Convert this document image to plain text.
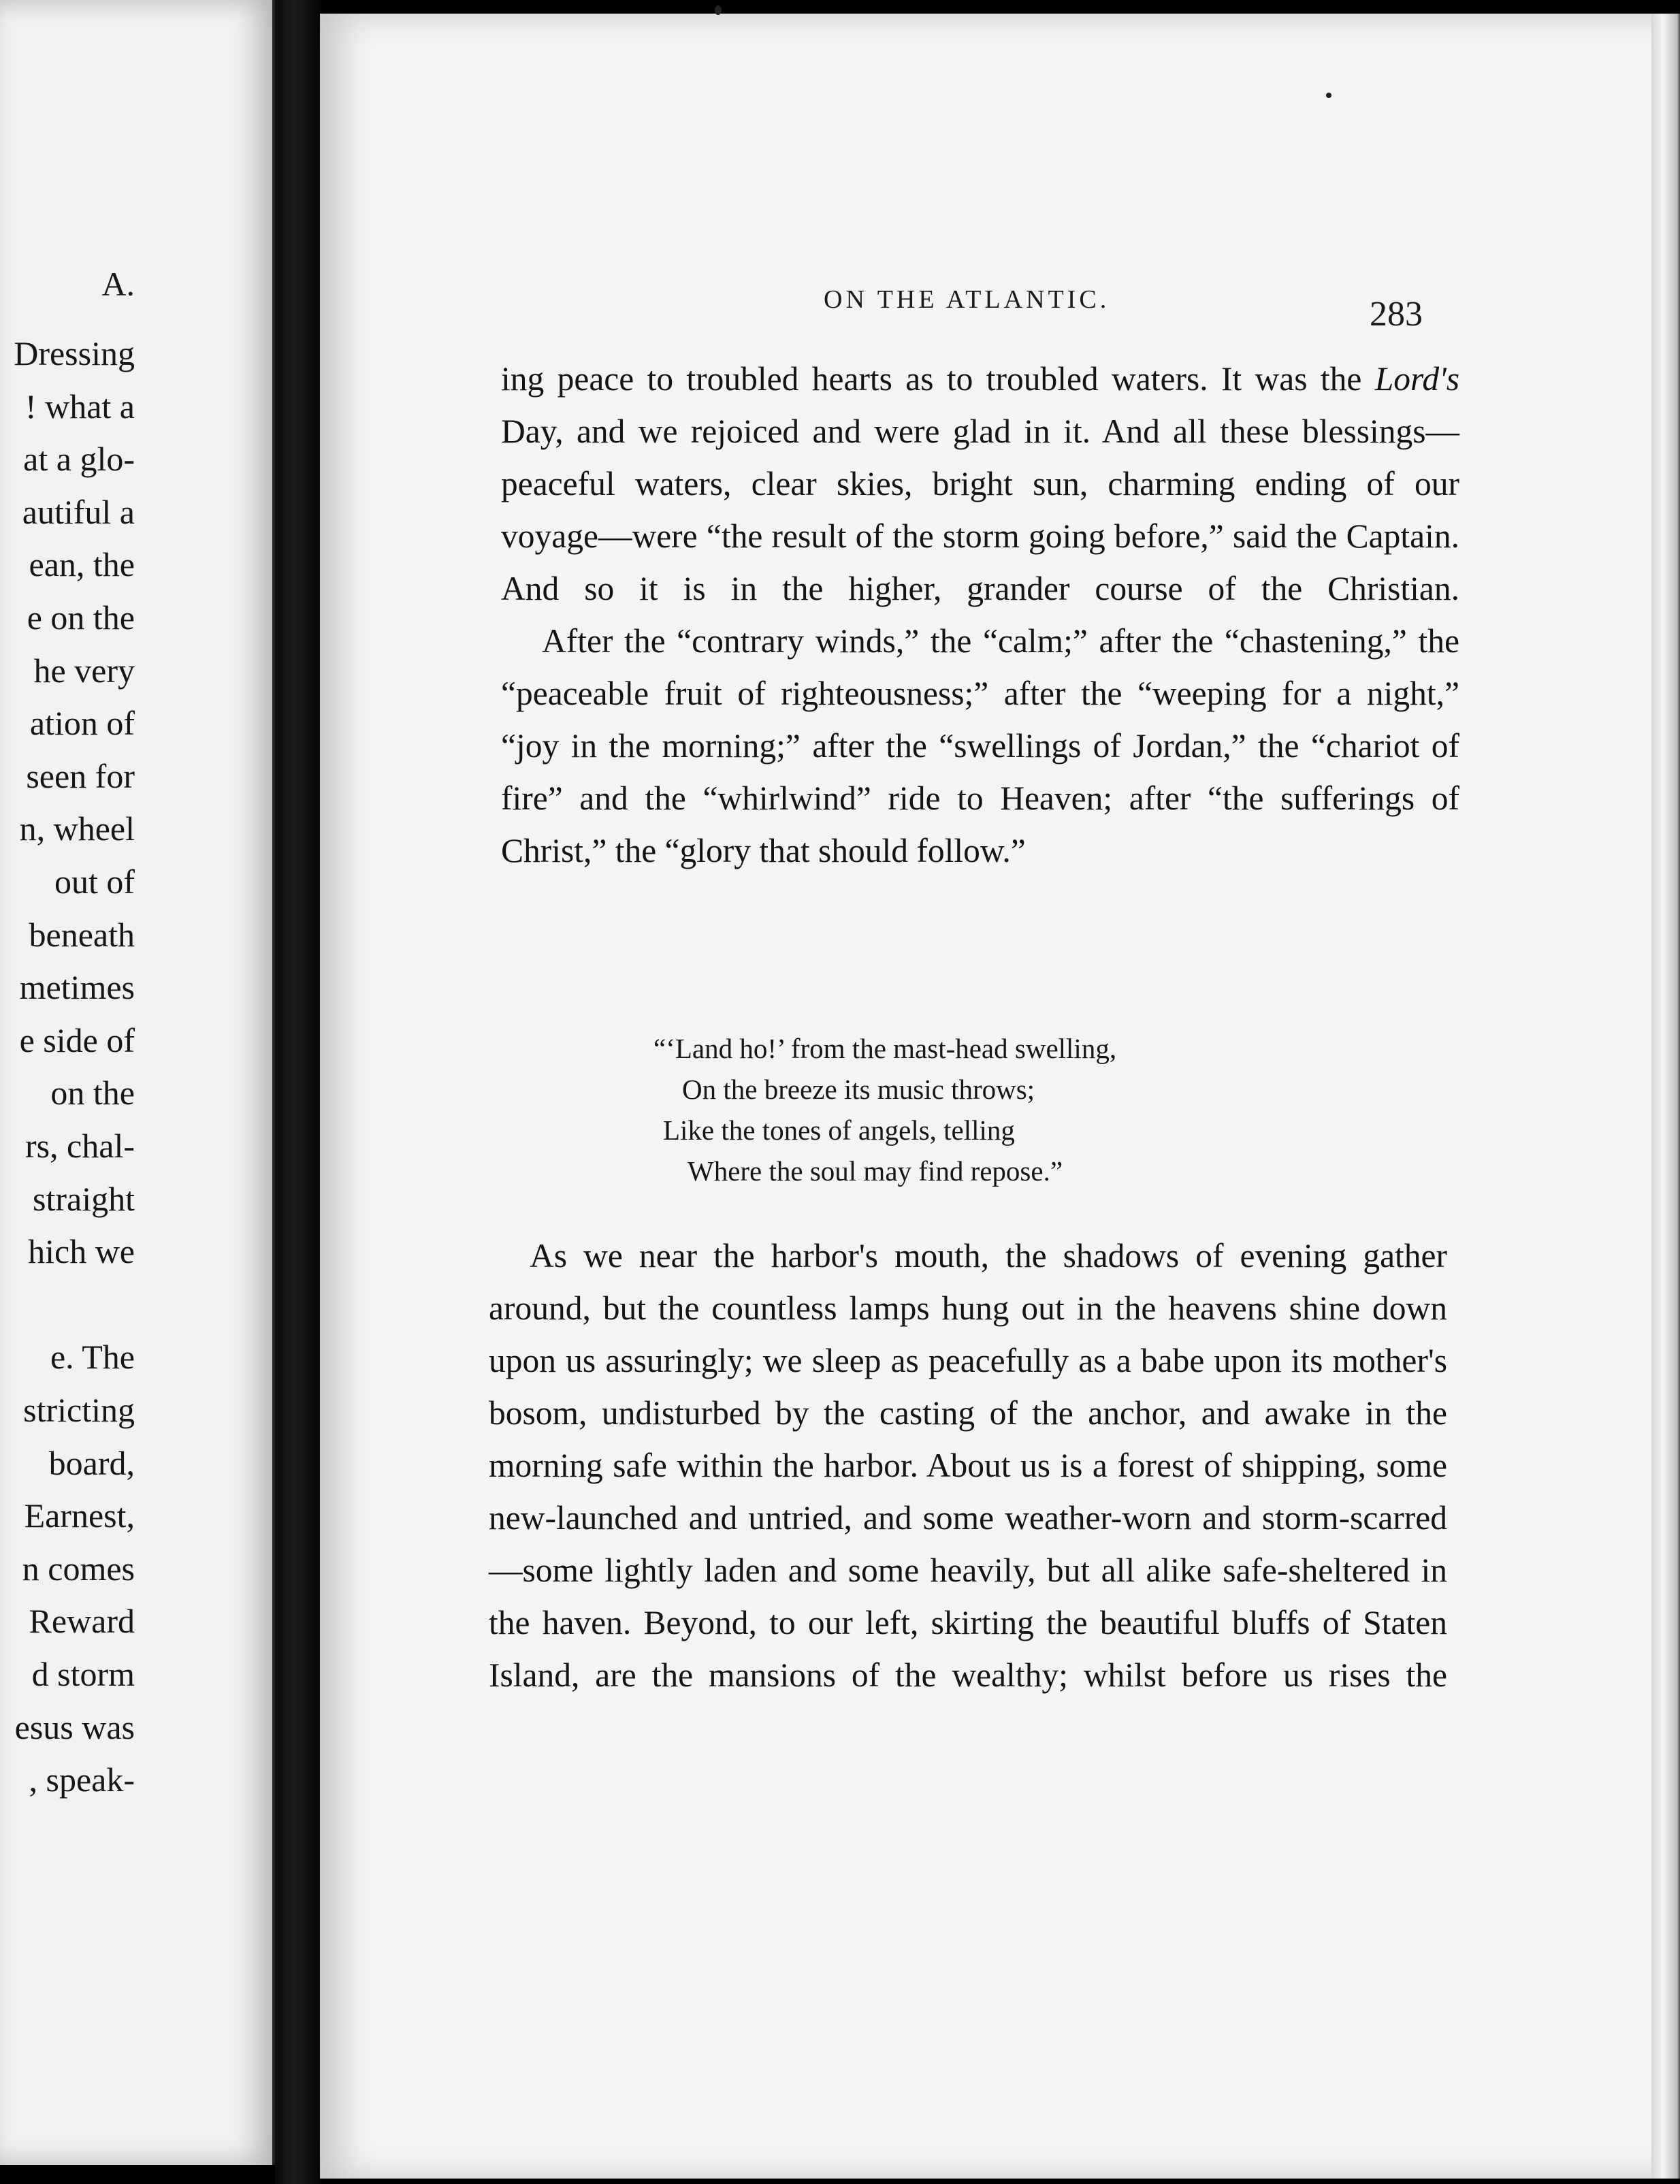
A.
Dressing
! what a
at a glo-
autiful a
ean, the
e on the
he very
ation of
seen for
n, wheel
out of
beneath
metimes
e side of
on the
rs, chal-
straight
hich we
e. The
stricting
board,
Earnest,
n comes
Reward
d storm
esus was
, speak-
ON THE ATLANTIC.	283

ing peace to troubled hearts as to troubled waters. It was the Lord's Day, and we rejoiced and were glad in it. And all these blessings—peaceful waters, clear skies, bright sun, charming ending of our voyage—were “the result of the storm going before,” said the Captain. And so it is in the higher, grander course of the Christian.

After the “contrary winds,” the “calm;” after the “chastening,” the “peaceable fruit of righteousness;” after the “weeping for a night,” “joy in the morning;” after the “swellings of Jordan,” the “chariot of fire” and the “whirlwind” ride to Heaven; after “the sufferings of Christ,” the “glory that should follow.”

“‘Land ho!’ from the mast-head swelling,
On the breeze its music throws;
Like the tones of angels, telling
Where the soul may find repose.”

As we near the harbor's mouth, the shadows of evening gather around, but the countless lamps hung out in the heavens shine down upon us assuringly; we sleep as peacefully as a babe upon its mother's bosom, undisturbed by the casting of the anchor, and awake in the morning safe within the harbor. About us is a forest of shipping, some new-launched and untried, and some weather-worn and storm-scarred—some lightly laden and some heavily, but all alike safe-sheltered in the haven. Beyond, to our left, skirting the beautiful bluffs of Staten Island, are the mansions of the wealthy; whilst before us rises the
